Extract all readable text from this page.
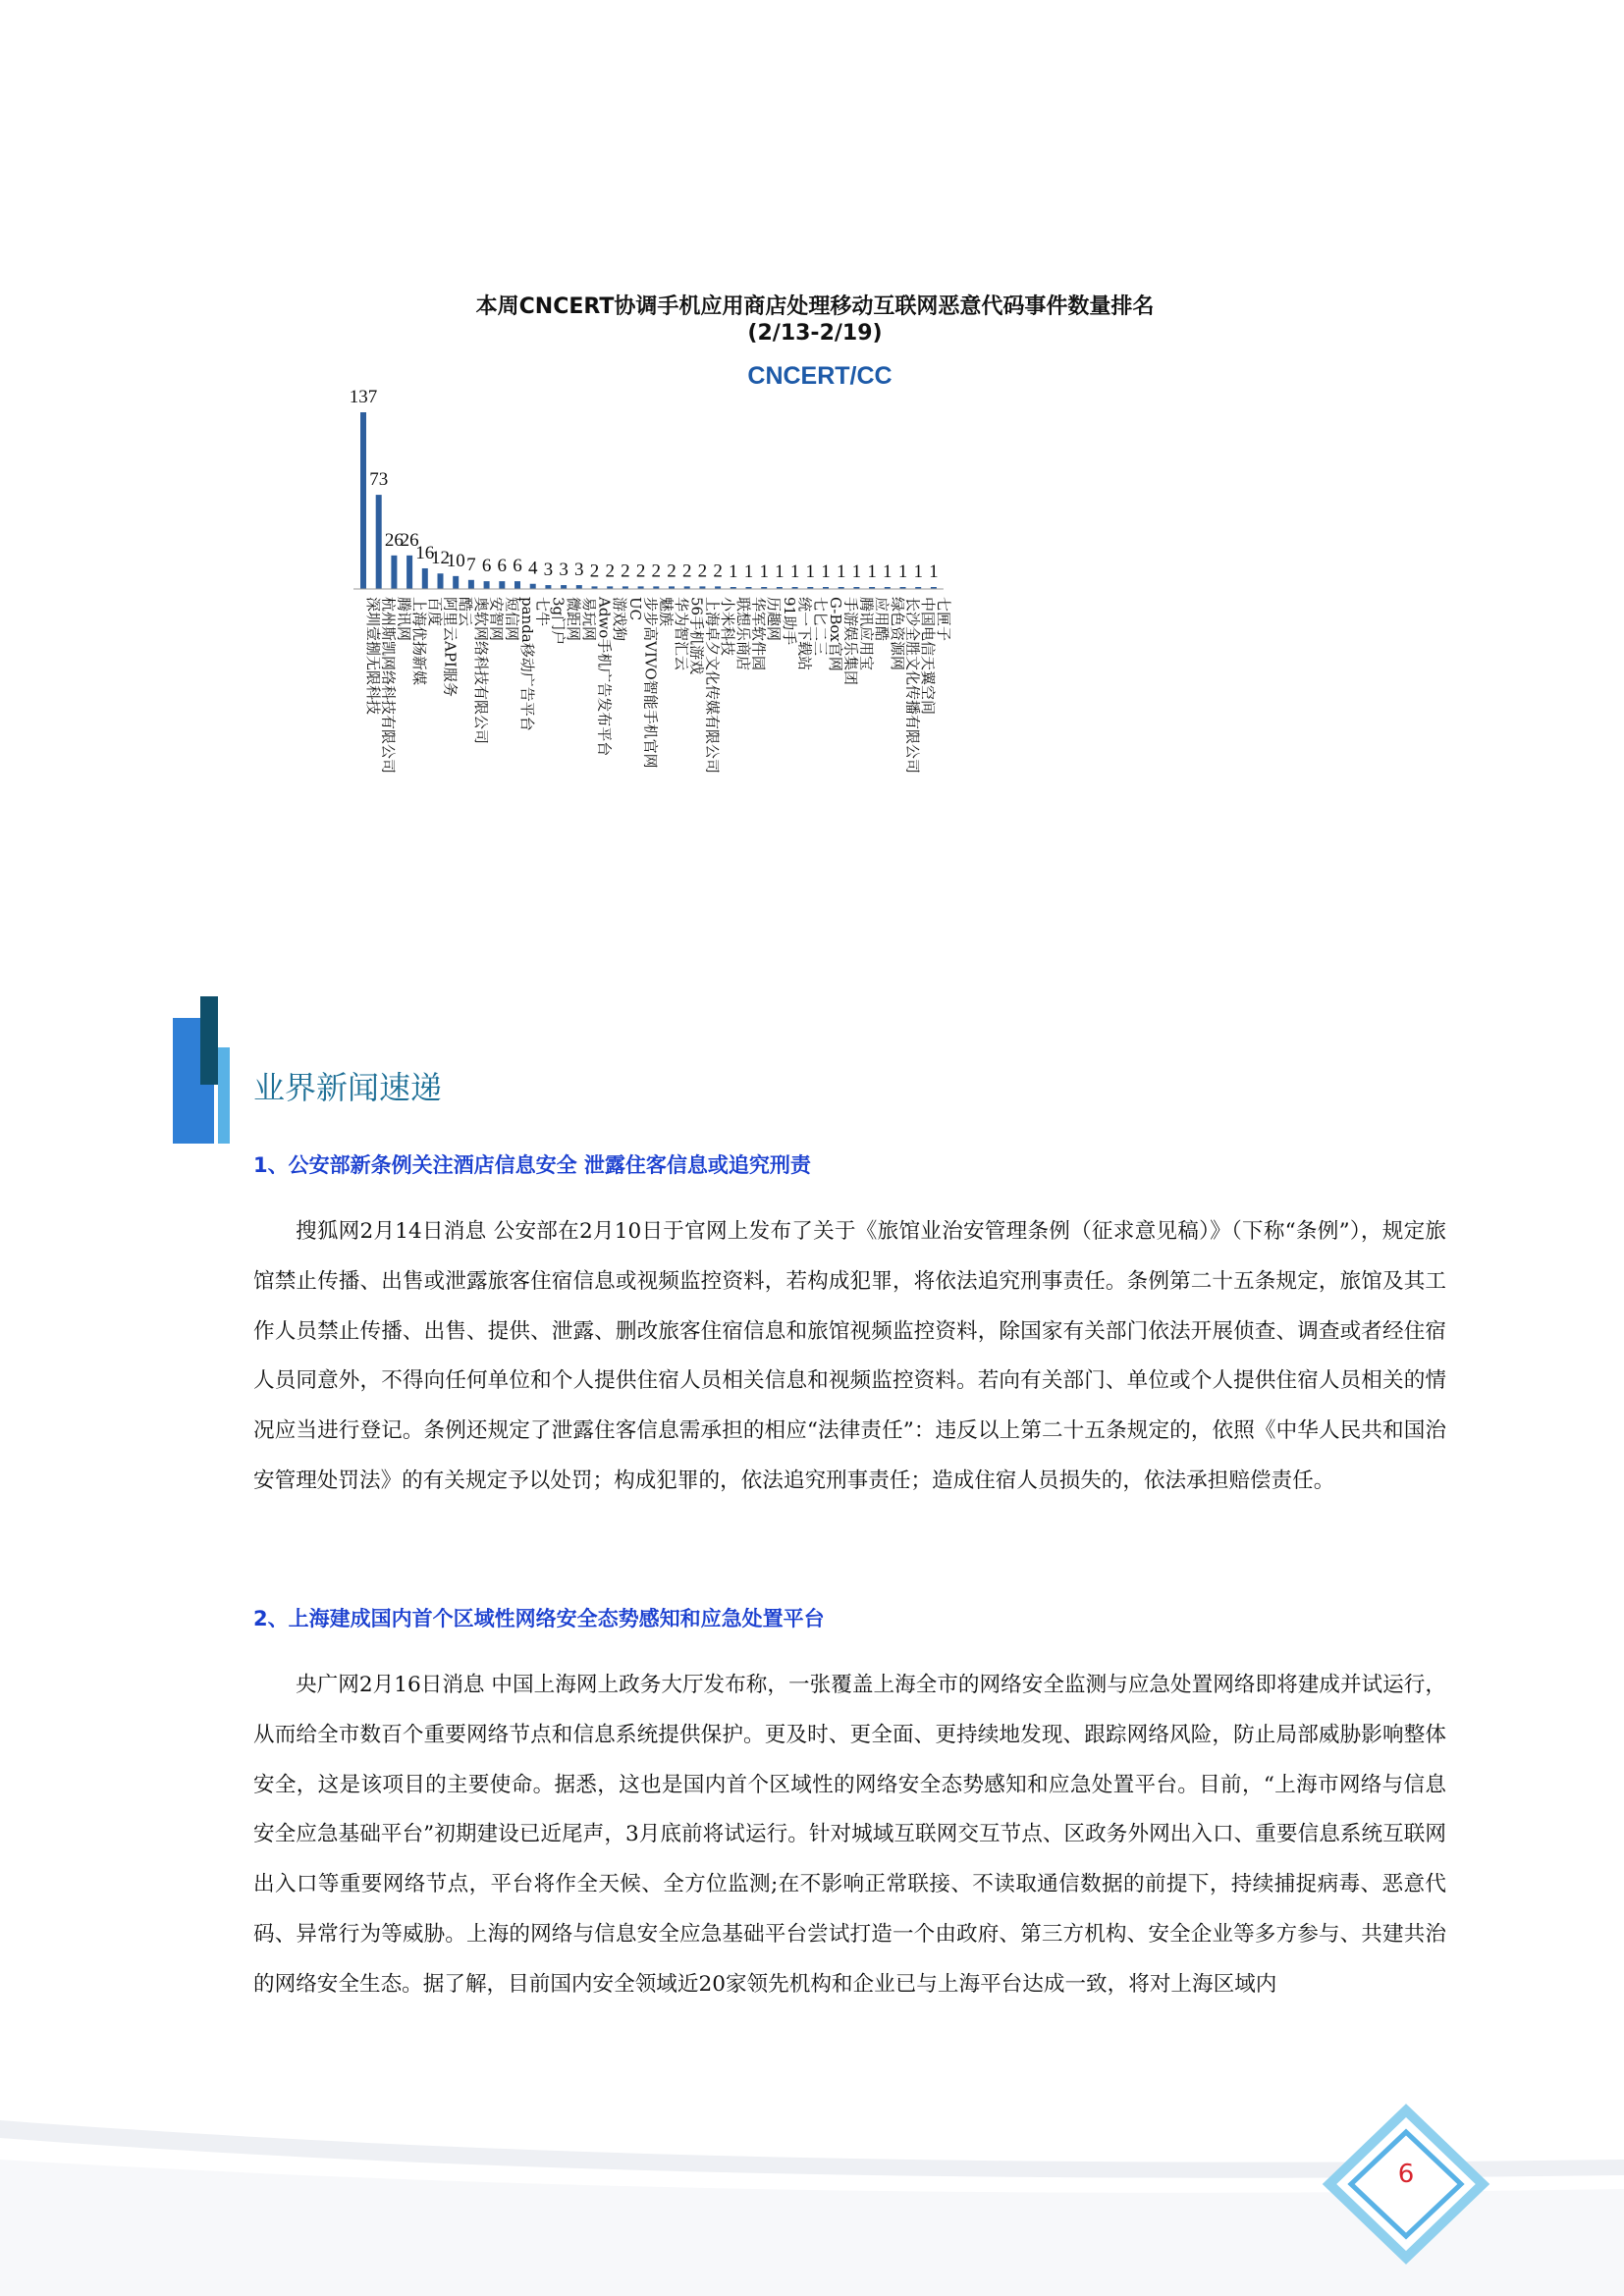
本周CNCERT协调手机应用商店处理移动互联网恶意代码事件数量排名
(2/13-2/19)
CNCERT/CC
137
深圳壹捌无限科技
73
杭州斯凯网络科技有限公司
26
腾讯网
26
上海优扬新媒
16
百度
12
阿里云API服务
10
酷云
7
奥软网络科技有限公司
6
安智网
6
短信网
6
panda移动广告平台
4
七牛
3
3g门户
3
微距网
3
易玩网
2
Adwo手机广告发布平台
2
游戏狗
2
UC
2
步步高VIVO智能手机官网
2
魅族
2
华为智汇云
2
56手机游戏
2
上海卓夕文化传媒有限公司
2
小米科技
1
联想乐商店
1
华军软件园
1
历趣网
1
91助手
1
统一下载站
1
七匕二三
1
G-Box官网
1
手游娱乐集团
1
腾讯应用宝
1
应用酷
1
绿色资源网
1
长沙全胜文化传播有限公司
1
中国电信天翼空间
1
七匣子
业界新闻速递
1、公安部新条例关注酒店信息安全 泄露住客信息或追究刑责
搜狐网2月14日消息 公安部在2月10日于官网上发布了关于《旅馆业治安管理条例（征求意见稿）》（下称“条例”），规定旅馆禁止传播、出售或泄露旅客住宿信息或视频监控资料，若构成犯罪，将依法追究刑事责任。条例第二十五条规定，旅馆及其工作人员禁止传播、出售、提供、泄露、删改旅客住宿信息和旅馆视频监控资料，除国家有关部门依法开展侦查、调查或者经住宿人员同意外，不得向任何单位和个人提供住宿人员相关信息和视频监控资料。若向有关部门、单位或个人提供住宿人员相关的情况应当进行登记。条例还规定了泄露住客信息需承担的相应“法律责任”：违反以上第二十五条规定的，依照《中华人民共和国治安管理处罚法》的有关规定予以处罚；构成犯罪的，依法追究刑事责任；造成住宿人员损失的，依法承担赔偿责任。
2、上海建成国内首个区域性网络安全态势感知和应急处置平台
央广网2月16日消息 中国上海网上政务大厅发布称，一张覆盖上海全市的网络安全监测与应急处置网络即将建成并试运行，从而给全市数百个重要网络节点和信息系统提供保护。更及时、更全面、更持续地发现、跟踪网络风险，防止局部威胁影响整体安全，这是该项目的主要使命。据悉，这也是国内首个区域性的网络安全态势感知和应急处置平台。目前，“上海市网络与信息安全应急基础平台”初期建设已近尾声，3月底前将试运行。针对城域互联网交互节点、区政务外网出入口、重要信息系统互联网出入口等重要网络节点，平台将作全天候、全方位监测;在不影响正常联接、不读取通信数据的前提下，持续捕捉病毒、恶意代码、异常行为等威胁。上海的网络与信息安全应急基础平台尝试打造一个由政府、第三方机构、安全企业等多方参与、共建共治的网络安全生态。据了解，目前国内安全领域近20家领先机构和企业已与上海平台达成一致，将对上海区域内
6
